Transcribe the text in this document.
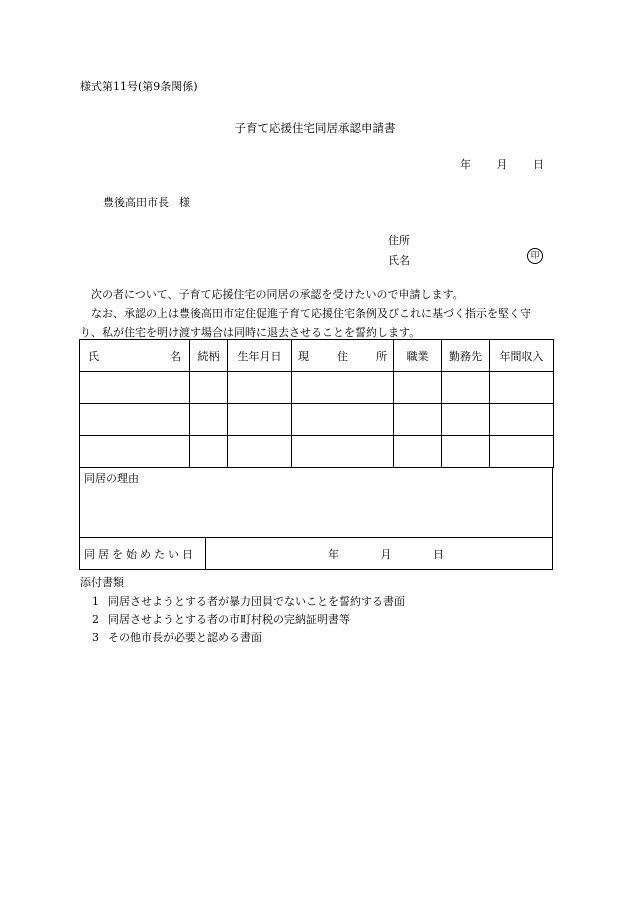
様式第11号(第9条関係)
子育て応援住宅同居承認申請書
年 月 日
豊後高田市長 様
住所
氏名	印
次の者について、子育て応援住宅の同居の承認を受けたいので申請します。
なお、承認の上は豊後高田市定住促進子育て応援住宅条例及びこれに基づく指示を堅く守り、私が住宅を明け渡す場合は同時に退去させることを誓約します。
氏 名	続柄	生年月日	現 住 所	職業	勤務先	年間収入

同居の理由
同居を始めたい日	年	月	日
添付書類
1 同居させようとする者が暴力団員でないことを誓約する書面
2 同居させようとする者の市町村税の完納証明書等
3 その他市長が必要と認める書面
